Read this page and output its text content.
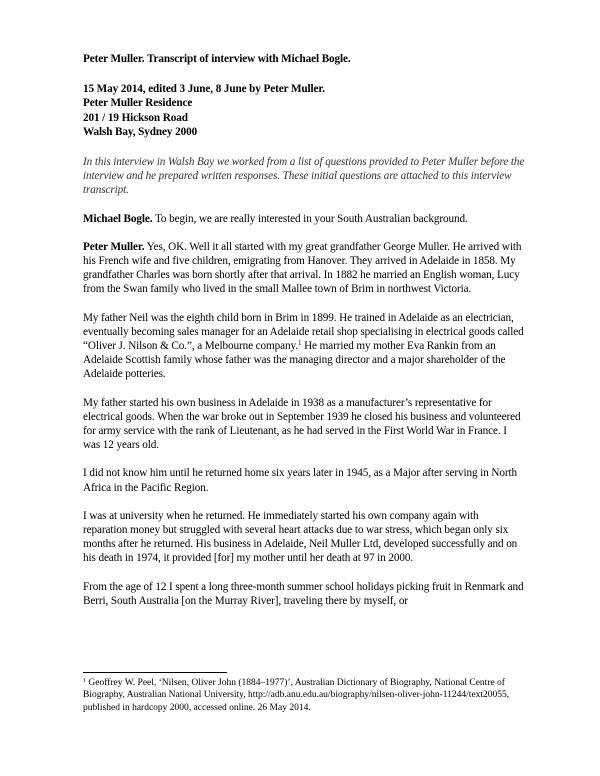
Peter Muller. Transcript of interview with Michael Bogle.

15 May 2014, edited 3 June, 8 June by Peter Muller.
Peter Muller Residence
201 / 19 Hickson Road
Walsh Bay, Sydney 2000

In this interview in Walsh Bay we worked from a list of questions provided to Peter Muller before the interview and he prepared written responses. These initial questions are attached to this interview transcript.

Michael Bogle. To begin, we are really interested in your South Australian background.

Peter Muller. Yes, OK. Well it all started with my great grandfather George Muller. He arrived with his French wife and five children, emigrating from Hanover. They arrived in Adelaide in 1858. My grandfather Charles was born shortly after that arrival. In 1882 he married an English woman, Lucy from the Swan family who lived in the small Mallee town of Brim in northwest Victoria.

My father Neil was the eighth child born in Brim in 1899. He trained in Adelaide as an electrician, eventually becoming sales manager for an Adelaide retail shop specialising in electrical goods called “Oliver J. Nilson & Co.”, a Melbourne company.$^1$ He married my mother Eva Rankin from an Adelaide Scottish family whose father was the managing director and a major shareholder of the Adelaide potteries.

My father started his own business in Adelaide in 1938 as a manufacturer’s representative for electrical goods. When the war broke out in September 1939 he closed his business and volunteered for army service with the rank of Lieutenant, as he had served in the First World War in France. I was 12 years old.

I did not know him until he returned home six years later in 1945, as a Major after serving in North Africa in the Pacific Region.

I was at university when he returned. He immediately started his own company again with reparation money but struggled with several heart attacks due to war stress, which began only six months after he returned. His business in Adelaide, Neil Muller Ltd, developed successfully and on his death in 1974, it provided [for] my mother until her death at 97 in 2000.

From the age of 12 I spent a long three-month summer school holidays picking fruit in Renmark and Berri, South Australia [on the Murray River], traveling there by myself, or

$^1$ Geoffrey W. Peel, ‘Nilsen, Oliver John (1884–1977)’, Australian Dictionary of Biography, National Centre of Biography, Australian National University, http://adb.anu.edu.au/biography/nilsen-oliver-john-11244/text20055, published in hardcopy 2000, accessed online. 26 May 2014.
